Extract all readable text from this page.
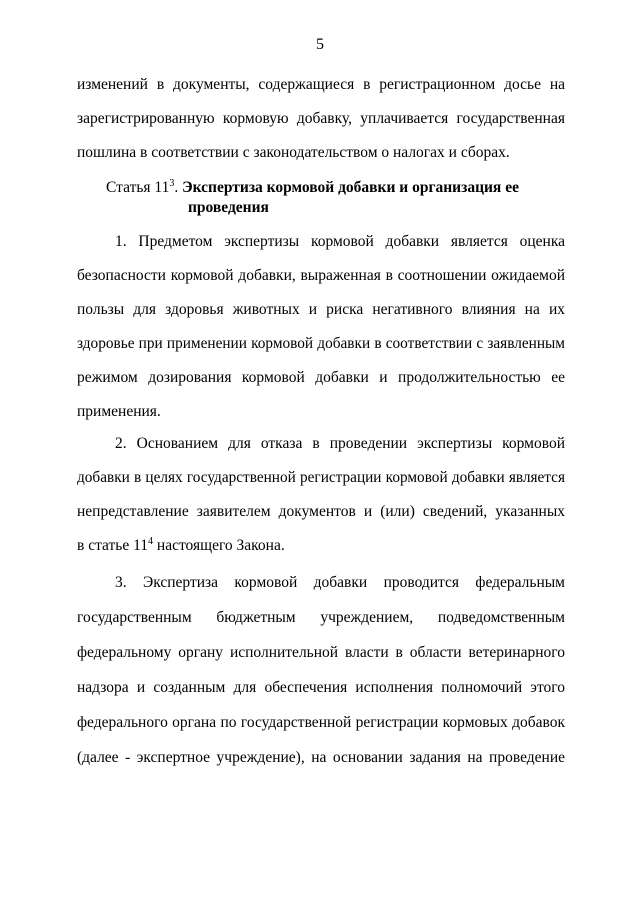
5
изменений в документы, содержащиеся в регистрационном досье на
зарегистрированную кормовую добавку, уплачивается государственная
пошлина в соответствии с законодательством о налогах и сборах.
Статья $11^3$. Экспертиза кормовой добавки и организация ее
проведения
1. Предметом экспертизы кормовой добавки является оценка
безопасности кормовой добавки, выраженная в соотношении ожидаемой
пользы для здоровья животных и риска негативного влияния на их
здоровье при применении кормовой добавки в соответствии с заявленным
режимом дозирования кормовой добавки и продолжительностью ее
применения.
2. Основанием для отказа в проведении экспертизы кормовой
добавки в целях государственной регистрации кормовой добавки является
непредставление заявителем документов и (или) сведений, указанных
в статье $11^4$ настоящего Закона.
3. Экспертиза кормовой добавки проводится федеральным
государственным бюджетным учреждением, подведомственным
федеральному органу исполнительной власти в области ветеринарного
надзора и созданным для обеспечения исполнения полномочий этого
федерального органа по государственной регистрации кормовых добавок
(далее - экспертное учреждение), на основании задания на проведение
